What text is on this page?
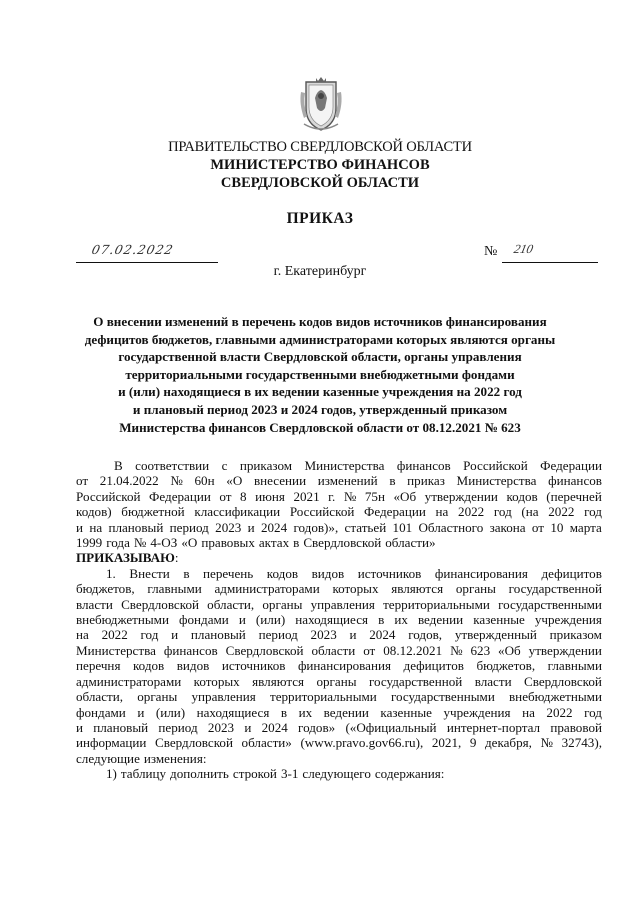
ПРАВИТЕЛЬСТВО СВЕРДЛОВСКОЙ ОБЛАСТИ
МИНИСТЕРСТВО ФИНАНСОВ
СВЕРДЛОВСКОЙ ОБЛАСТИ
ПРИКАЗ
07.02.2022	№ 210
г. Екатеринбург
О внесении изменений в перечень кодов видов источников финансирования
дефицитов бюджетов, главными администраторами которых являются органы
государственной власти Свердловской области, органы управления
территориальными государственными внебюджетными фондами
и (или) находящиеся в их ведении казенные учреждения на 2022 год
и плановый период 2023 и 2024 годов, утвержденный приказом
Министерства финансов Свердловской области от 08.12.2021 № 623
В соответствии с приказом Министерства финансов Российской Федерации
от 21.04.2022 № 60н «О внесении изменений в приказ Министерства финансов
Российской Федерации от 8 июня 2021 г. № 75н «Об утверждении кодов (перечней
кодов) бюджетной классификации Российской Федерации на 2022 год (на 2022 год
и на плановый период 2023 и 2024 годов)», статьей 101 Областного закона от 10 марта
1999 года № 4-ОЗ «О правовых актах в Свердловской области»
ПРИКАЗЫВАЮ :
1. Внести в перечень кодов видов источников финансирования дефицитов
бюджетов, главными администраторами которых являются органы государственной
власти Свердловской области, органы управления территориальными государственными
внебюджетными фондами и (или) находящиеся в их ведении казенные учреждения
на 2022 год и плановый период 2023 и 2024 годов, утвержденный приказом
Министерства финансов Свердловской области от 08.12.2021 № 623 «Об утверждении
перечня кодов видов источников финансирования дефицитов бюджетов, главными
администраторами которых являются органы государственной власти Свердловской
области, органы управления территориальными государственными внебюджетными
фондами и (или) находящиеся в их ведении казенные учреждения на 2022 год
и плановый период 2023 и 2024 годов» («Официальный интернет-портал правовой
информации Свердловской области» (www.pravo.gov66.ru), 2021, 9 декабря, № 32743),
следующие изменения:
1) таблицу дополнить строкой 3-1 следующего содержания:
